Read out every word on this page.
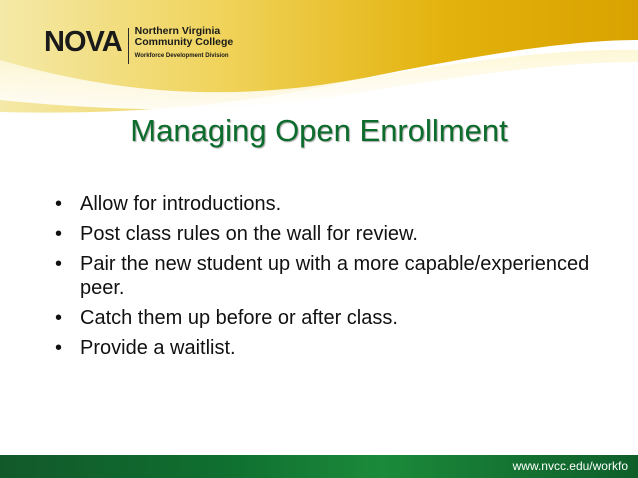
NOVA Northern Virginia
Community College
Workforce Development Division
Managing Open Enrollment
• Allow for introductions.
• Post class rules on the wall for review.
• Pair the new student up with a more capable/experienced peer.
• Catch them up before or after class.
• Provide a waitlist.
www.nvcc.edu/workfo
